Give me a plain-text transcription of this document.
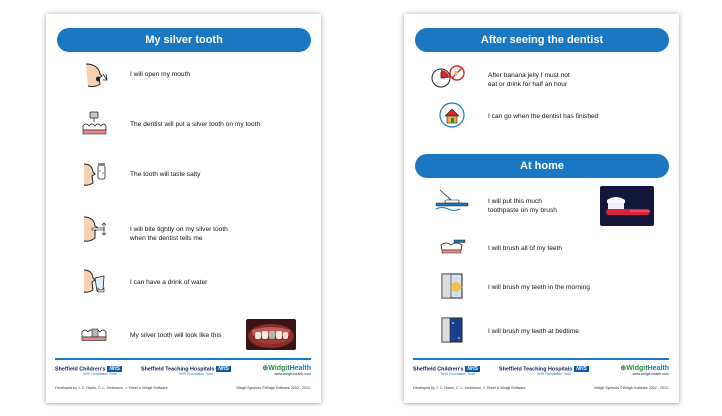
My silver tooth
I will open my mouth
The dentist will put a silver tooth on my tooth
The tooth will taste salty
I will bite tightly on my silver tooth
when the dentist tells me
I can have a drink of water
My silver tooth will look like this
Sheffield Children's NHS
NHS Foundation Trust
Sheffield Teaching Hospitals NHS
NHS Foundation Trust
⊕WidgitHealth
www.widgit-health.com
Developed by J. C. Harris, C. L. Jenkinson, J. Sheet & Widgit Software.	Widgit Symbols ©Widgit Software 2002 - 2012.
After seeing the dentist
After banana jelly I must not
eat or drink for half an hour
I can go when the dentist has finished
At home
I will put this much
toothpaste on my brush
I will brush all of my teeth
I will brush my teeth in the morning
I will brush my teeth at bedtime
Sheffield Children's NHS
NHS Foundation Trust
Sheffield Teaching Hospitals NHS
NHS Foundation Trust
⊕WidgitHealth
www.widgit-health.com
Developed by J. C. Harris, C. L. Jenkinson, J. Sheet & Widgit Software.	Widgit Symbols ©Widgit Software 2002 - 2012.
